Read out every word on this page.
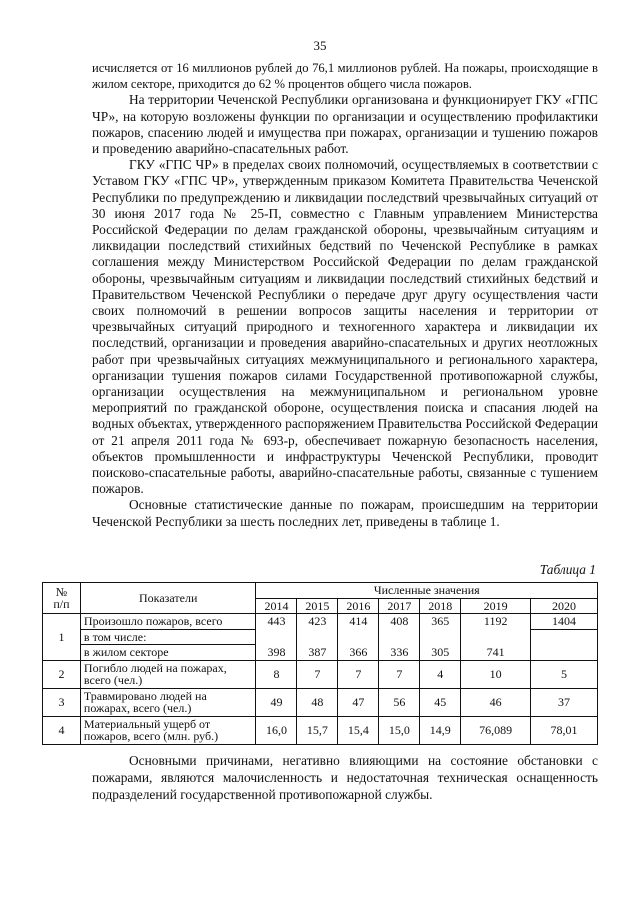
35

исчисляется от 16 миллионов рублей до 76,1 миллионов рублей. На пожары, происходящие в жилом секторе, приходится до 62 % процентов общего числа пожаров.

На территории Чеченской Республики организована и функционирует ГКУ «ГПС ЧР», на которую возложены функции по организации и осуществлению профилактики пожаров, спасению людей и имущества при пожарах, организации и тушению пожаров и проведению аварийно-спасательных работ.

ГКУ «ГПС ЧР» в пределах своих полномочий, осуществляемых в соответствии с Уставом ГКУ «ГПС ЧР», утвержденным приказом Комитета Правительства Чеченской Республики по предупреждению и ликвидации последствий чрезвычайных ситуаций от 30 июня 2017 года № 25-П, совместно с Главным управлением Министерства Российской Федерации по делам гражданской обороны, чрезвычайным ситуациям и ликвидации последствий стихийных бедствий по Чеченской Республике в рамках соглашения между Министерством Российской Федерации по делам гражданской обороны, чрезвычайным ситуациям и ликвидации последствий стихийных бедствий и Правительством Чеченской Республики о передаче друг другу осуществления части своих полномочий в решении вопросов защиты населения и территории от чрезвычайных ситуаций природного и техногенного характера и ликвидации их последствий, организации и проведения аварийно-спасательных и других неотложных работ при чрезвычайных ситуациях межмуниципального и регионального характера, организации тушения пожаров силами Государственной противопожарной службы, организации осуществления на межмуниципальном и региональном уровне мероприятий по гражданской обороне, осуществления поиска и спасания людей на водных объектах, утвержденного распоряжением Правительства Российской Федерации от 21 апреля 2011 года № 693-р, обеспечивает пожарную безопасность населения, объектов промышленности и инфраструктуры Чеченской Республики, проводит поисково-спасательные работы, аварийно-спасательные работы, связанные с тушением пожаров.

Основные статистические данные по пожарам, происшедшим на территории Чеченской Республики за шесть последних лет, приведены в таблице 1.

Таблица 1
№
п/п	Показатели	Численные значения						
		2014	2015	2016	2017	2018	2019	2020
1	Произошло пожаров, всего	443	423	414	408	365	1192	1404
	в том числе:							
	в жилом секторе	398	387	366	336	305	741	
2	Погибло людей на пожарах, всего (чел.)	8	7	7	7	4	10	5
3	Травмировано людей на пожарах, всего (чел.)	49	48	47	56	45	46	37
4	Материальный ущерб от пожаров, всего (млн. руб.)	16,0	15,7	15,4	15,0	14,9	76,089	78,01

Основными причинами, негативно влияющими на состояние обстановки с пожарами, являются малочисленность и недостаточная техническая оснащенность подразделений государственной противопожарной службы.
